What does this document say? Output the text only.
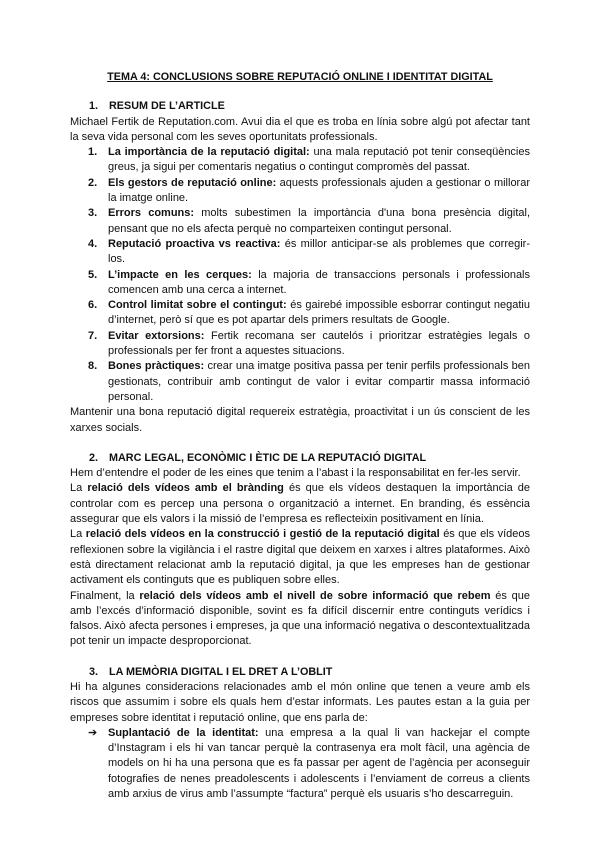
TEMA 4: CONCLUSIONS SOBRE REPUTACIÓ ONLINE I IDENTITAT DIGITAL
1.	RESUM DE L’ARTICLE

Michael Fertik de Reputation.com. Avui dia el que es troba en línia sobre algú pot afectar tant la seva vida personal com les seves oportunitats professionals.

1. La importància de la reputació digital: una mala reputació pot tenir conseqüències greus, ja sigui per comentaris negatius o contingut compromès del passat.
2. Els gestors de reputació online: aquests professionals ajuden a gestionar o millorar la imatge online.
3. Errors comuns: molts subestimen la importància d'una bona presència digital, pensant que no els afecta perquè no comparteixen contingut personal.
4. Reputació proactiva vs reactiva: és millor anticipar-se als problemes que corregir-los.
5. L’impacte en les cerques: la majoria de transaccions personals i professionals comencen amb una cerca a internet.
6. Control limitat sobre el contingut: és gairebé impossible esborrar contingut negatiu d’internet, però sí que es pot apartar dels primers resultats de Google.
7. Evitar extorsions: Fertik recomana ser cautelós i prioritzar estratègies legals o professionals per fer front a aquestes situacions.
8. Bones pràctiques: crear una imatge positiva passa per tenir perfils professionals ben gestionats, contribuir amb contingut de valor i evitar compartir massa informació personal.

Mantenir una bona reputació digital requereix estratègia, proactivitat i un ús conscient de les xarxes socials.

2.	MARC LEGAL, ECONÒMIC I ÈTIC DE LA REPUTACIÓ DIGITAL

Hem d’entendre el poder de les eines que tenim a l’abast i la responsabilitat en fer-les servir.

La relació dels vídeos amb el brànding és que els vídeos destaquen la importància de controlar com es percep una persona o organització a internet. En branding, és essència assegurar que els valors i la missió de l’empresa es reflecteixin positivament en línia.

La relació dels vídeos en la construcció i gestió de la reputació digital és que els vídeos reflexionen sobre la vigilància i el rastre digital que deixem en xarxes i altres plataformes. Això està directament relacionat amb la reputació digital, ja que les empreses han de gestionar activament els continguts que es publiquen sobre elles.

Finalment, la relació dels vídeos amb el nivell de sobre informació que rebem és que amb l’excés d’informació disponible, sovint es fa difícil discernir entre continguts verídics i falsos. Això afecta persones i empreses, ja que una informació negativa o descontextualitzada pot tenir un impacte desproporcionat.

3.	LA MEMÒRIA DIGITAL I EL DRET A L’OBLIT

Hi ha algunes consideracions relacionades amb el món online que tenen a veure amb els riscos que assumim i sobre els quals hem d’estar informats. Les pautes estan a la guia per empreses sobre identitat i reputació online, que ens parla de:

➔ Suplantació de la identitat: una empresa a la qual li van hackejar el compte d’Instagram i els hi van tancar perquè la contrasenya era molt fàcil, una agència de models on hi ha una persona que es fa passar per agent de l’agència per aconseguir fotografies de nenes preadolescents i adolescents i l’enviament de correus a clients amb arxius de virus amb l’assumpte “factura” perquè els usuaris s’ho descarreguin.
